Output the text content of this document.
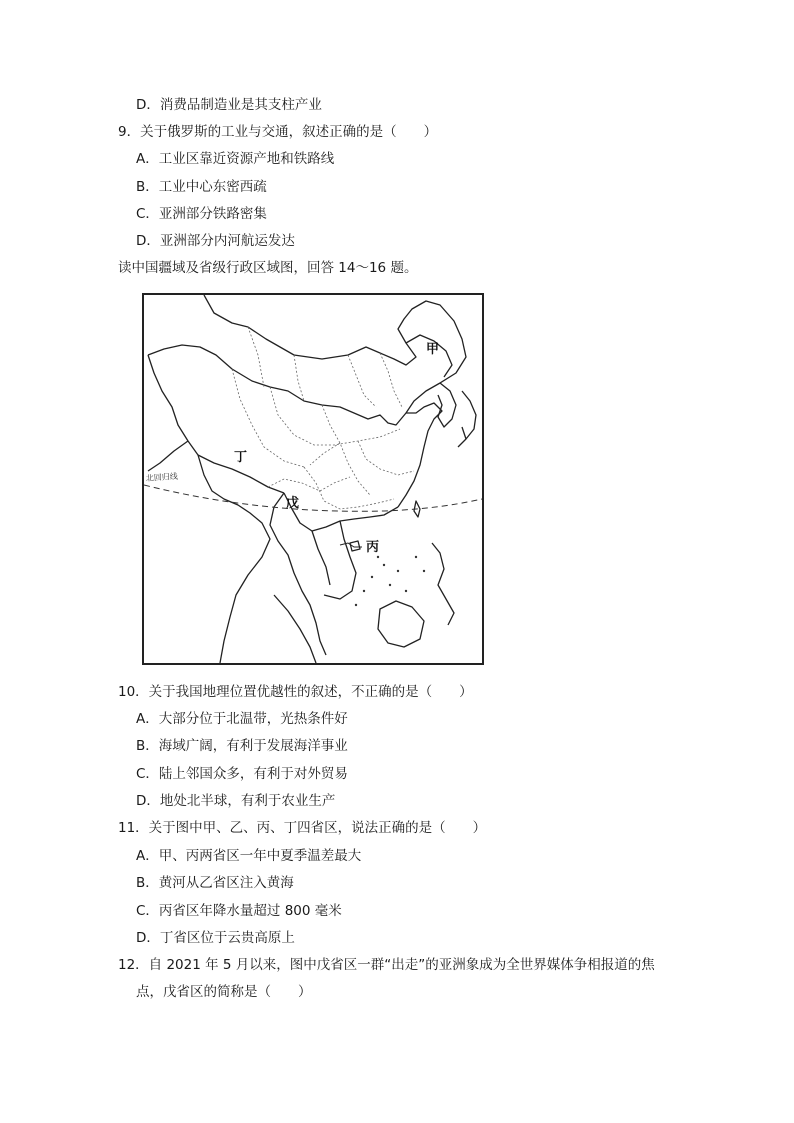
D．消费品制造业是其支柱产业
9．关于俄罗斯的工业与交通，叙述正确的是（　　）
A．工业区靠近资源产地和铁路线
B．工业中心东密西疏
C．亚洲部分铁路密集
D．亚洲部分内河航运发达
读中国疆域及省级行政区域图，回答 14～16 题。
北回归线
甲
丁
戊
丙
10．关于我国地理位置优越性的叙述，不正确的是（　　）
A．大部分位于北温带，光热条件好
B．海域广阔，有利于发展海洋事业
C．陆上邻国众多，有利于对外贸易
D．地处北半球，有利于农业生产
11．关于图中甲、乙、丙、丁四省区，说法正确的是（　　）
A．甲、丙两省区一年中夏季温差最大
B．黄河从乙省区注入黄海
C．丙省区年降水量超过 800 毫米
D．丁省区位于云贵高原上
12．自 2021 年 5 月以来，图中戊省区一群“出走”的亚洲象成为全世界媒体争相报道的焦
点，戊省区的简称是（　　）
